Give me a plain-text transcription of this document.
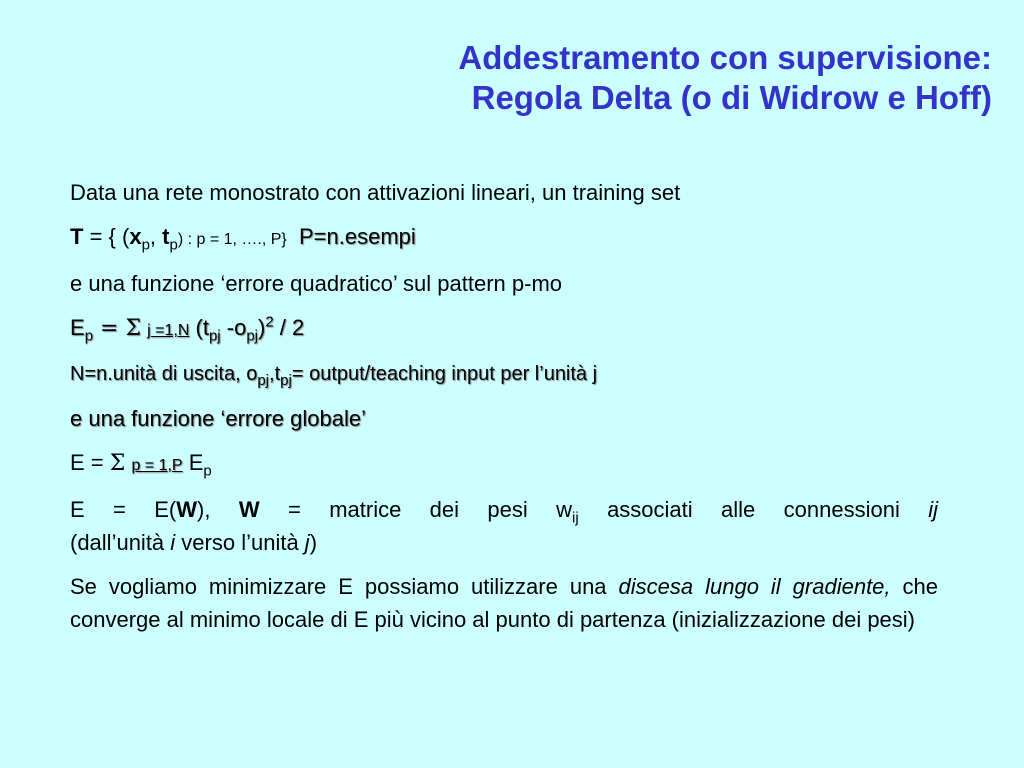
Addestramento con supervisione:
Regola Delta (o di Widrow e Hoff)
Data una rete monostrato con attivazioni lineari, un training set
T = { ($x_p$, $t_p$) : p = 1, …., P} P=n.esempi
e una funzione ‘errore quadratico’ sul pattern p-mo
$E_p = \Sigma$ j =1,N ($t_{pj}$ $-o_{pj})^2 / 2$
N=n.unità di uscita, $o_{pj},t_{pj}=$ output/teaching input per l’unità j
e una funzione ‘errore globale’
E = Σ p = 1,P $E_p$
E = E(W), W = matrice dei pesi $w_{ij}$ associati alle connessioni ij
(dall’unità i verso l’unità j)
Se vogliamo minimizzare E possiamo utilizzare una discesa lungo il gradiente, che converge al minimo locale di E più vicino al punto di partenza (inizializzazione dei pesi)
